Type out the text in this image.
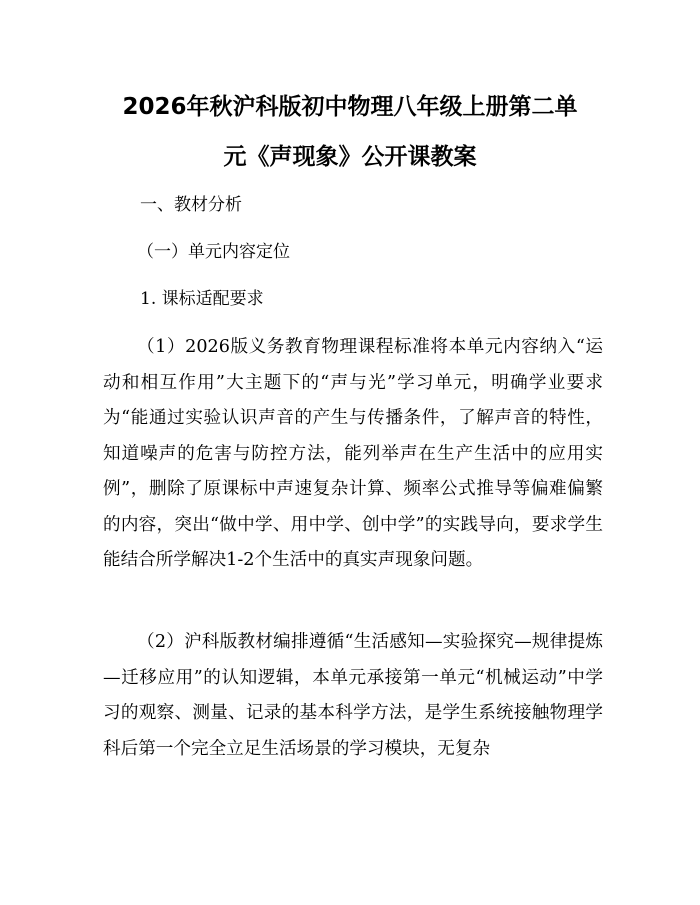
2026年秋沪科版初中物理八年级上册第二单
元《声现象》公开课教案

一、教材分析

（一）单元内容定位

1. 课标适配要求

（1）2026版义务教育物理课程标准将本单元内容纳入“运动和相互作用”大主题下的“声与光”学习单元，明确学业要求为“能通过实验认识声音的产生与传播条件，了解声音的特性，知道噪声的危害与防控方法，能列举声在生产生活中的应用实例”，删除了原课标中声速复杂计算、频率公式推导等偏难偏繁的内容，突出“做中学、用中学、创中学”的实践导向，要求学生能结合所学解决1-2个生活中的真实声现象问题。

（2）沪科版教材编排遵循“生活感知—实验探究—规律提炼—迁移应用”的认知逻辑，本单元承接第一单元“机械运动”中学习的观察、测量、记录的基本科学方法，是学生系统接触物理学科后第一个完全立足生活场景的学习模块，无复杂
